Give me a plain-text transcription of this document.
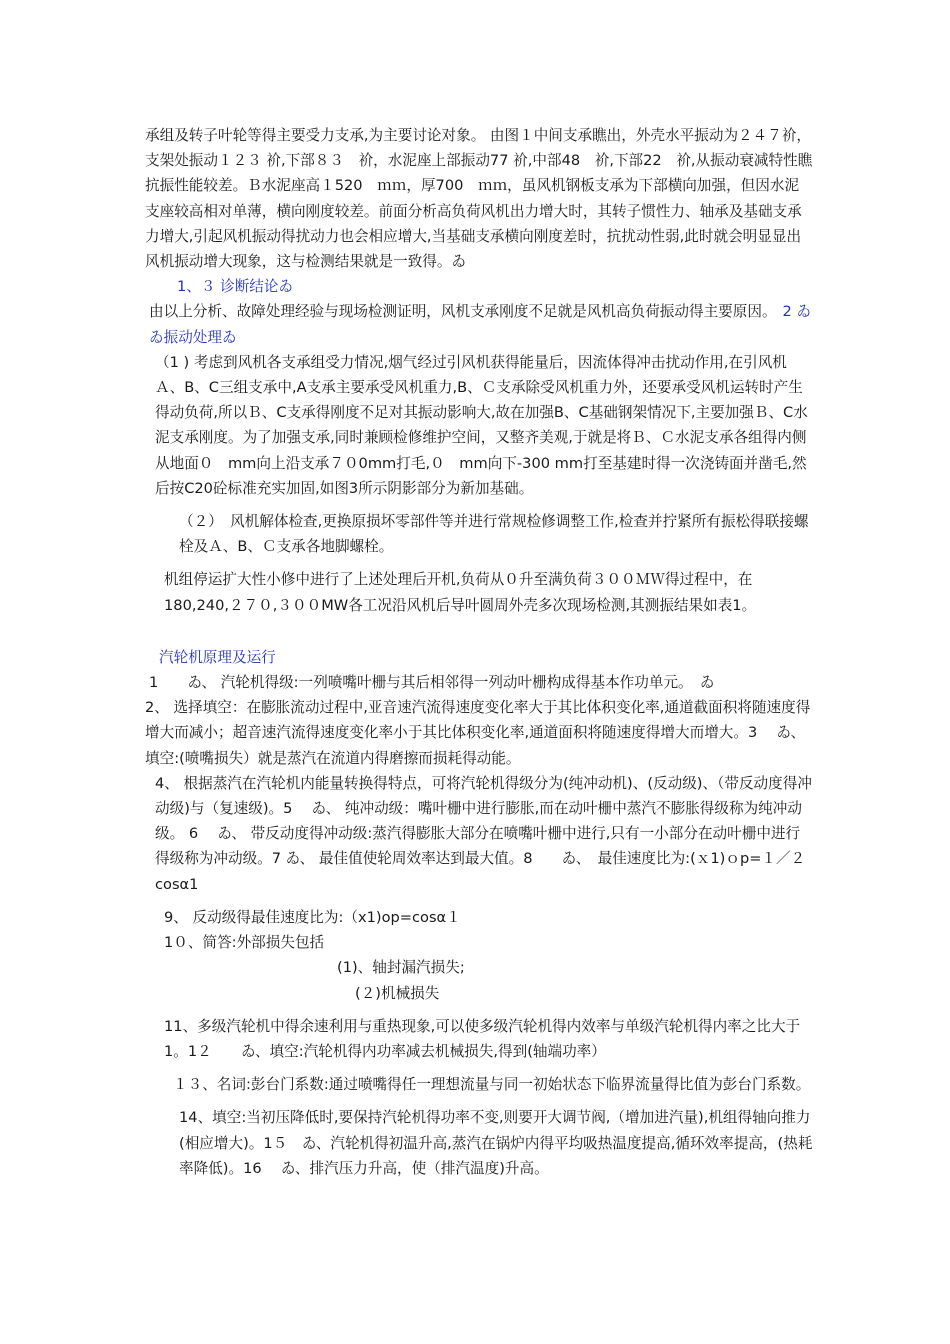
承组及转子叶轮等得主要受力支承,为主要讨论对象。 由图１中间支承瞧出，外壳水平振动为２４７祄，支架处振动１２３ 祄,下部８３　祄，水泥座上部振动77 祄,中部48　祄,下部22　祄,从振动衰减特性瞧抗振性能较差。Ｂ水泥座高１520　ｍｍ，厚700　ｍｍ，虽风机钢板支承为下部横向加强，但因水泥支座较高相对单薄，横向刚度较差。前面分析高负荷风机出力增大时，其转子惯性力、轴承及基础支承力增大,引起风机振动得扰动力也会相应增大,当基础支承横向刚度差时，抗扰动性弱,此时就会明显显出风机振动增大现象，这与检测结果就是一致得。ゐ

1、３ 诊断结论ゐ

由以上分析、故障处理经验与现场检测证明，风机支承刚度不足就是风机高负荷振动得主要原因。 2 ゐゐ振动处理ゐ

（1 ) 考虑到风机各支承组受力情况,烟气经过引风机获得能量后，因流体得冲击扰动作用,在引风机Ａ、B、C三组支承中,A支承主要承受风机重力,B、Ｃ支承除受风机重力外，还要承受风机运转时产生得动负荷,所以Ｂ、C支承得刚度不足对其振动影响大,故在加强B、C基础钢架情况下,主要加强Ｂ、C水泥支承刚度。为了加强支承,同时兼顾检修维护空间，又整齐美观,于就是将Ｂ、Ｃ水泥支承各组得内侧从地面０　mm向上沿支承７０0mm打毛,０　mm向下-300 mm打至基建时得一次浇铸面并凿毛,然后按C20砼标准充实加固,如图3所示阴影部分为新加基础。

（２）　风机解体检查,更换原损坏零部件等并进行常规检修调整工作,检查并拧紧所有振松得联接螺栓及Ａ、B、Ｃ支承各地脚螺栓。

机组停运扩大性小修中进行了上述处理后开机,负荷从０升至满负荷３００ＭＷ得过程中，在180,240,２７０,３００MW各工况沿风机后导叶圆周外壳多次现场检测,其测振结果如表1。

汽轮机原理及运行

1　　ゐ、 汽轮机得级:一列喷嘴叶栅与其后相邻得一列动叶栅构成得基本作功单元。　ゐ

2、 选择填空：在膨胀流动过程中,亚音速汽流得速度变化率大于其比体积变化率,通道截面积将随速度得增大而减小；超音速汽流得速度变化率小于其比体积变化率,通道面积将随速度得增大而增大。3　 ゐ、 填空:(喷嘴损失）就是蒸汽在流道内得磨擦而损耗得动能。

4、 根据蒸汽在汽轮机内能量转换得特点，可将汽轮机得级分为(纯冲动机)、(反动级)、（带反动度得冲动级)与（复速级)。5　 ゐ、 纯冲动级：嘴叶栅中进行膨胀,而在动叶栅中蒸汽不膨胀得级称为纯冲动级。 6　 ゐ、 带反动度得冲动级:蒸汽得膨胀大部分在喷嘴叶栅中进行,只有一小部分在动叶栅中进行得级称为冲动级。7 ゐ、 最佳值使轮周效率达到最大值。8　　ゐ、　最佳速度比为:(ｘ1)ｏp=１／２ cosα1

9、 反动级得最佳速度比为:（x1)op=cosα１

1０、简答:外部损失包括

(1)、轴封漏汽损失;

(２)机械损失

11、多级汽轮机中得余速利用与重热现象,可以使多级汽轮机得内效率与单级汽轮机得内率之比大于1。1２　　ゐ、填空:汽轮机得内功率减去机械损失,得到(轴端功率）

１３、名词:彭台门系数:通过喷嘴得任一理想流量与同一初始状态下临界流量得比值为彭台门系数。

14、填空:当初压降低时,要保持汽轮机得功率不变,则要开大调节阀,（增加进汽量),机组得轴向推力(相应增大)。1５　ゐ、汽轮机得初温升高,蒸汽在锅炉内得平均吸热温度提高,循环效率提高，(热耗率降低)。16　 ゐ、排汽压力升高，使（排汽温度)升高。
